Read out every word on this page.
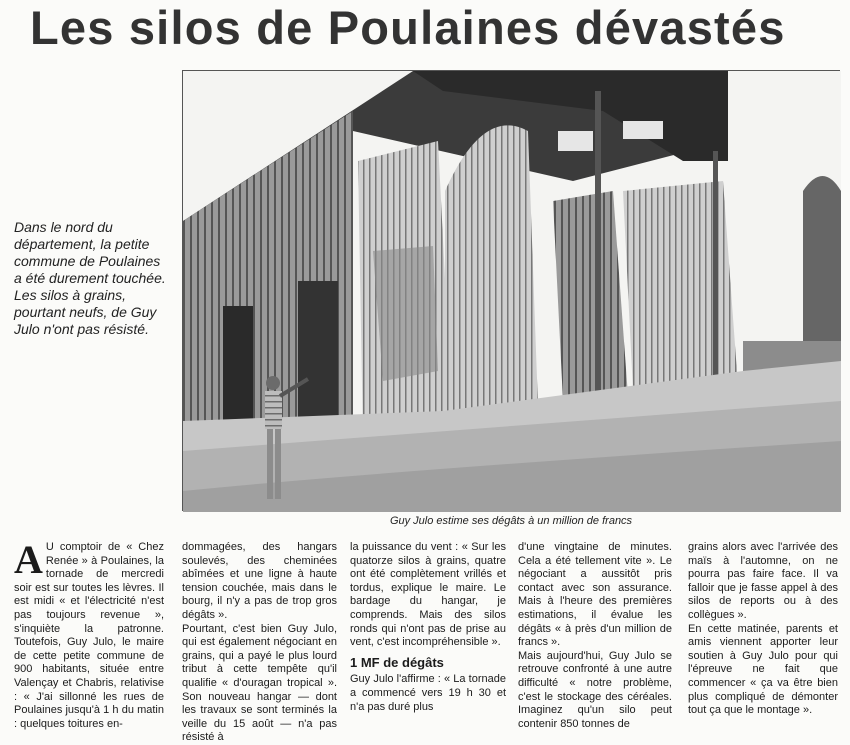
Les silos de Poulaines dévastés
Guy Julo estime ses dégâts à un million de francs
Dans le nord du département, la petite commune de Poulaines a été durement touchée. Les silos à grains, pourtant neufs, de Guy Julo n'ont pas résisté.
A U comptoir de « Chez Renée » à Poulaines, la tornade de mercredi soir est sur toutes les lèvres. Il est midi « et l'électricité n'est pas toujours revenue », s'inquiète la patronne. Toutefois, Guy Julo, le maire de cette petite commune de 900 habitants, située entre Valençay et Chabris, relativise : « J'ai sillonné les rues de Poulaines jusqu'à 1 h du matin : quelques toitures en-

dommagées, des hangars soulevés, des cheminées abîmées et une ligne à haute tension couchée, mais dans le bourg, il n'y a pas de trop gros dégâts ».

Pourtant, c'est bien Guy Julo, qui est également négociant en grains, qui a payé le plus lourd tribut à cette tempête qu'il qualifie « d'ouragan tropical ». Son nouveau hangar — dont les travaux se sont terminés la veille du 15 août — n'a pas résisté à

la puissance du vent : « Sur les quatorze silos à grains, quatre ont été complètement vrillés et tordus, explique le maire. Le bardage du hangar, je comprends. Mais des silos ronds qui n'ont pas de prise au vent, c'est incompréhensible ».

1 MF de dégâts

Guy Julo l'affirme : « La tornade a commencé vers 19 h 30 et n'a pas duré plus

d'une vingtaine de minutes. Cela a été tellement vite ». Le négociant a aussitôt pris contact avec son assurance. Mais à l'heure des premières estimations, il évalue les dégâts « à près d'un million de francs ».

Mais aujourd'hui, Guy Julo se retrouve confronté à une autre difficulté « notre problème, c'est le stockage des céréales. Imaginez qu'un silo peut contenir 850 tonnes de

grains alors avec l'arrivée des maïs à l'automne, on ne pourra pas faire face. Il va falloir que je fasse appel à des silos de reports ou à des collègues ».

En cette matinée, parents et amis viennent apporter leur soutien à Guy Julo pour qui l'épreuve ne fait que commencer « ça va être bien plus compliqué de démonter tout ça que le montage ».
